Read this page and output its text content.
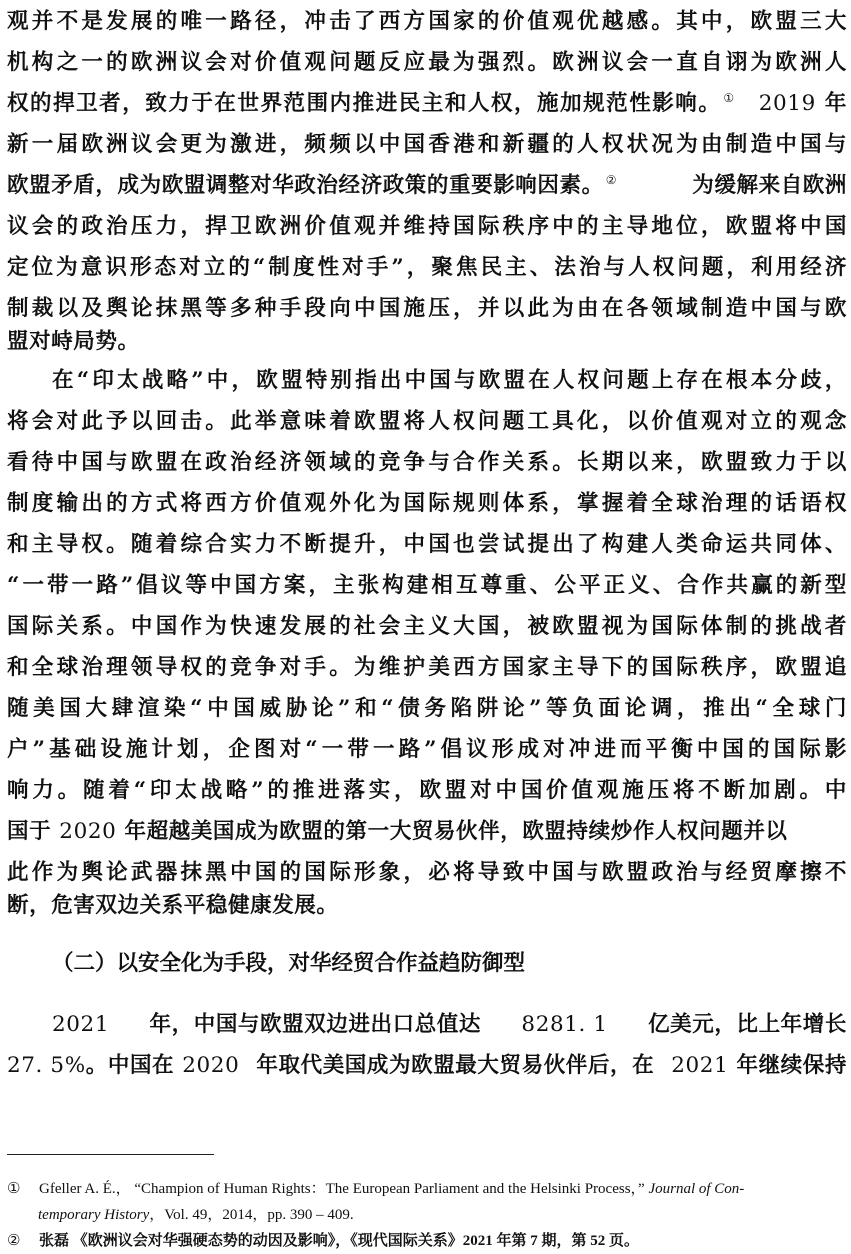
观并不是发展的唯一路径，冲击了西方国家的价值观优越感。其中，欧盟三大
机构之一的欧洲议会对价值观问题反应最为强烈。欧洲议会一直自诩为欧洲人
权的捍卫者，致力于在世界范围内推进民主和人权，施加规范性影响。 ① 2019 年
新一届欧洲议会更为激进，频频以中国香港和新疆的人权状况为由制造中国与
欧盟矛盾，成为欧盟调整对华政治经济政策的重要影响因素。 ②	为缓解来自欧洲
议会的政治压力，捍卫欧洲价值观并维持国际秩序中的主导地位，欧盟将中国
定位为意识形态对立的“制度性对手”，聚焦民主、法治与人权问题，利用经济
制裁以及舆论抹黑等多种手段向中国施压，并以此为由在各领域制造中国与欧
盟对峙局势。
在“印太战略”中，欧盟特别指出中国与欧盟在人权问题上存在根本分歧，
将会对此予以回击。此举意味着欧盟将人权问题工具化，以价值观对立的观念
看待中国与欧盟在政治经济领域的竞争与合作关系。长期以来，欧盟致力于以
制度输出的方式将西方价值观外化为国际规则体系，掌握着全球治理的话语权
和主导权。随着综合实力不断提升，中国也尝试提出了构建人类命运共同体、
“一带一路”倡议等中国方案，主张构建相互尊重、公平正义、合作共赢的新型
国际关系。中国作为快速发展的社会主义大国，被欧盟视为国际体制的挑战者
和全球治理领导权的竞争对手。为维护美西方国家主导下的国际秩序，欧盟追
随美国大肆渲染“中国威胁论”和“债务陷阱论”等负面论调，推出“全球门
户”基础设施计划，企图对“一带一路”倡议形成对冲进而平衡中国的国际影
响力。随着“印太战略”的推进落实，欧盟对中国价值观施压将不断加剧。中
国于 2020 年超越美国成为欧盟的第一大贸易伙伴，欧盟持续炒作人权问题并以
此作为舆论武器抹黑中国的国际形象，必将导致中国与欧盟政治与经贸摩擦不
断，危害双边关系平稳健康发展。
（二）以安全化为手段，对华经贸合作益趋防御型
2021 年，中国与欧盟双边进出口总值达 8281. 1 亿美元，比上年增长
27. 5%。中国在 2020 年取代美国成为欧盟最大贸易伙伴后，在 2021 年继续保持
① Gfeller A. É.， “Champion of Human Rights：The European Parliament and the Helsinki Process，” Journal of Con-
temporary History，Vol. 49，2014，pp. 390 – 409.
② 张磊 《欧洲议会对华强硬态势的动因及影响》，《现代国际关系》2021 年第 7 期，第 52 页。
